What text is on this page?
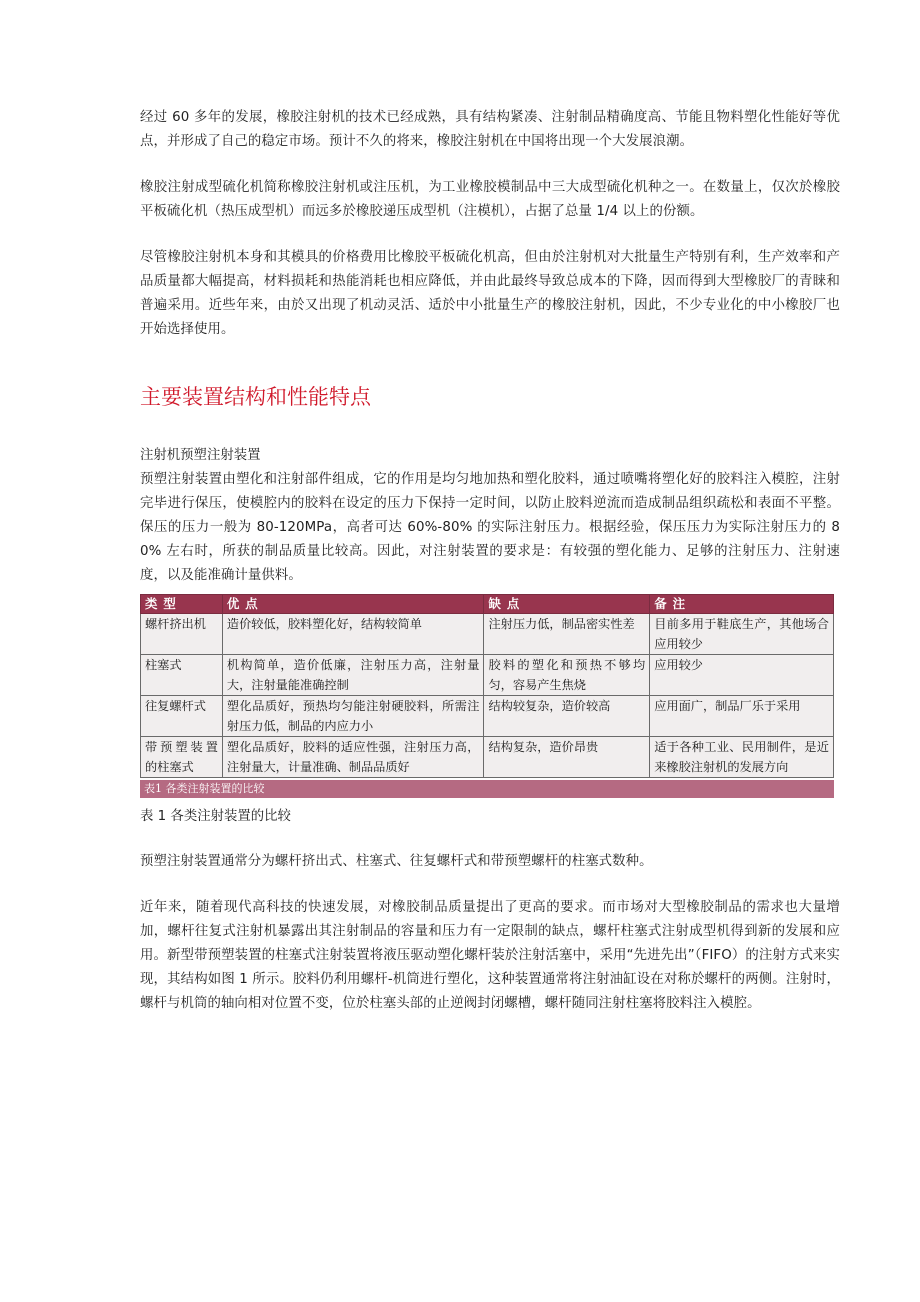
经过 60 多年的发展，橡胶注射机的技术已经成熟，具有结构紧凑、注射制品精确度高、节能且物料塑化性能好等优点，并形成了自己的稳定市场。预计不久的将来，橡胶注射机在中国将出现一个大发展浪潮。

橡胶注射成型硫化机简称橡胶注射机或注压机，为工业橡胶模制品中三大成型硫化机种之一。在数量上，仅次於橡胶平板硫化机（热压成型机）而远多於橡胶递压成型机（注模机），占据了总量 1/4 以上的份额。

尽管橡胶注射机本身和其模具的价格费用比橡胶平板硫化机高，但由於注射机对大批量生产特别有利，生产效率和产品质量都大幅提高，材料损耗和热能消耗也相应降低，并由此最终导致总成本的下降，因而得到大型橡胶厂的青睐和普遍采用。近些年来，由於又出现了机动灵活、适於中小批量生产的橡胶注射机，因此，不少专业化的中小橡胶厂也开始选择使用。

主要装置结构和性能特点
注射机预塑注射装置

预塑注射装置由塑化和注射部件组成，它的作用是均匀地加热和塑化胶料，通过喷嘴将塑化好的胶料注入模腔，注射完毕进行保压，使模腔内的胶料在设定的压力下保持一定时间，以防止胶料逆流而造成制品组织疏松和表面不平整。保压的压力一般为 80-120MPa，高者可达 60%-80% 的实际注射压力。根据经验，保压压力为实际注射压力的 80% 左右时，所获的制品质量比较高。因此，对注射装置的要求是：有较强的塑化能力、足够的注射压力、注射速度，以及能准确计量供料。

类型	优点	缺点	备注
螺杆挤出机	造价较低，胶料塑化好，结构较简单	注射压力低，制品密实性差	目前多用于鞋底生产，其他场合应用较少
柱塞式	机构简单，造价低廉，注射压力高，注射量大，注射量能准确控制	胶料的塑化和预热不够均匀，容易产生焦烧	应用较少
往复螺杆式	塑化品质好，预热均匀能注射硬胶料，所需注射压力低，制品的内应力小	结构较复杂，造价较高	应用面广，制品厂乐于采用
带预塑装置的柱塞式	塑化品质好，胶料的适应性强，注射压力高，注射量大，计量准确、制品品质好	结构复杂，造价昂贵	适于各种工业、民用制件，是近来橡胶注射机的发展方向
表1 各类注射装置的比较
表 1 各类注射装置的比较

预塑注射装置通常分为螺杆挤出式、柱塞式、往复螺杆式和带预塑螺杆的柱塞式数种。

近年来，随着现代高科技的快速发展，对橡胶制品质量提出了更高的要求。而市场对大型橡胶制品的需求也大量增加，螺杆往复式注射机暴露出其注射制品的容量和压力有一定限制的缺点，螺杆柱塞式注射成型机得到新的发展和应用。新型带预塑装置的柱塞式注射装置将液压驱动塑化螺杆装於注射活塞中，采用“先进先出”（FIFO）的注射方式来实现，其结构如图 1 所示。胶料仍利用螺杆-机筒进行塑化，这种装置通常将注射油缸设在对称於螺杆的两侧。注射时，螺杆与机筒的轴向相对位置不变，位於柱塞头部的止逆阀封闭螺槽，螺杆随同注射柱塞将胶料注入模腔。
